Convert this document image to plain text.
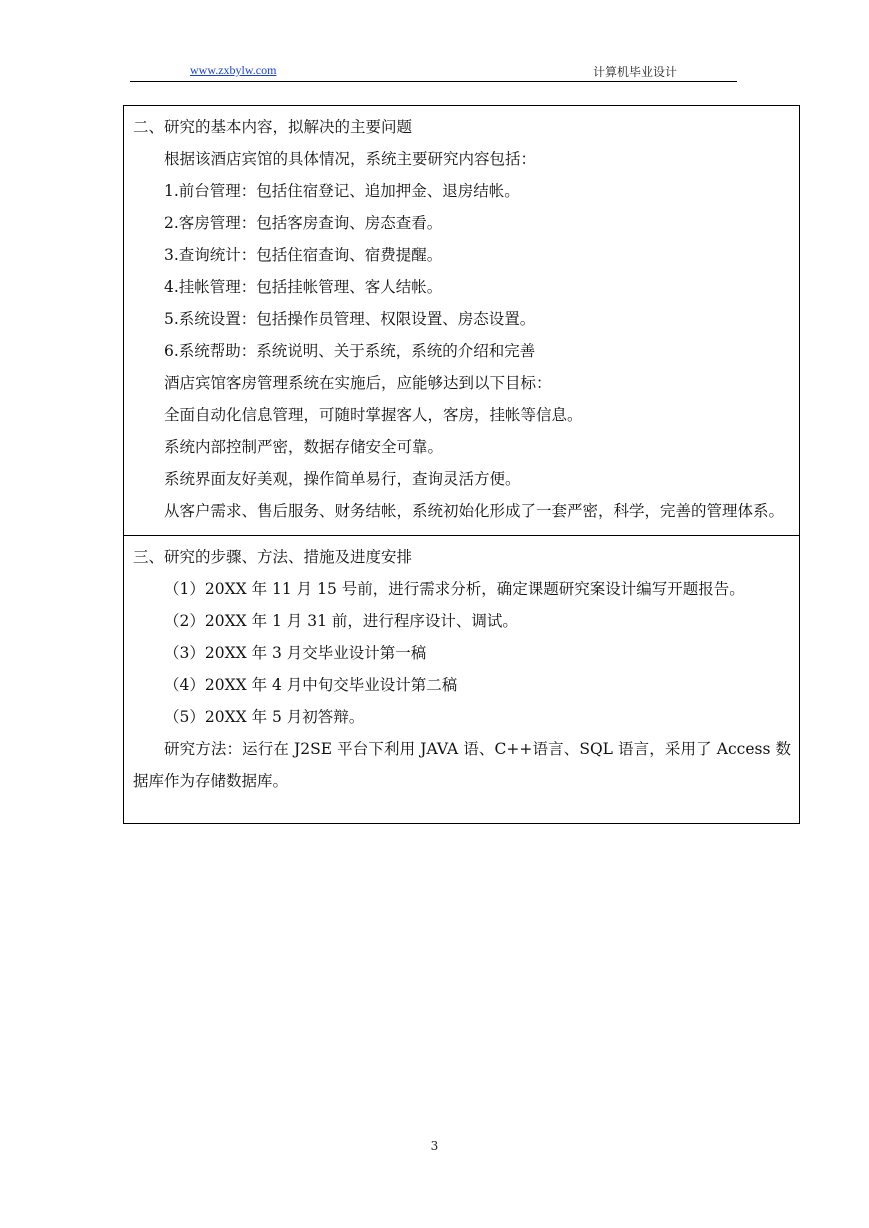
www.zxbylw.com	计算机毕业设计

二、研究的基本内容，拟解决的主要问题

根据该酒店宾馆的具体情况，系统主要研究内容包括：

1.前台管理：包括住宿登记、追加押金、退房结帐。

2.客房管理：包括客房查询、房态查看。

3.查询统计：包括住宿查询、宿费提醒。

4.挂帐管理：包括挂帐管理、客人结帐。

5.系统设置：包括操作员管理、权限设置、房态设置。

6.系统帮助：系统说明、关于系统，系统的介绍和完善

酒店宾馆客房管理系统在实施后，应能够达到以下目标：

全面自动化信息管理，可随时掌握客人，客房，挂帐等信息。

系统内部控制严密，数据存储安全可靠。

系统界面友好美观，操作简单易行，查询灵活方便。

从客户需求、售后服务、财务结帐，系统初始化形成了一套严密，科学，完善的管理体系。

三、研究的步骤、方法、措施及进度安排

（1）20XX 年 11 月 15 号前，进行需求分析，确定课题研究案设计编写开题报告。

（2）20XX 年 1 月 31 前，进行程序设计、调试。

（3）20XX 年 3 月交毕业设计第一稿

（4）20XX 年 4 月中旬交毕业设计第二稿

（5）20XX 年 5 月初答辩。

研究方法：运行在 J2SE 平台下利用 JAVA 语、C++语言、SQL 语言，采用了 Access 数据库作为存储数据库。

3
